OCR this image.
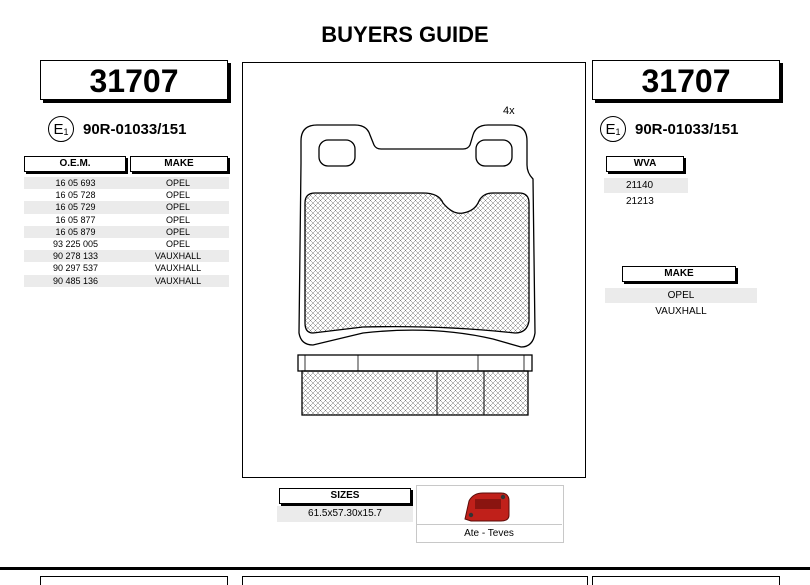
BUYERS GUIDE
31707
$E_1$ 90R-01033/151
O.E.M.	MAKE
16 05 693	OPEL
16 05 728	OPEL
16 05 729	OPEL
16 05 877	OPEL
16 05 879	OPEL
93 225 005	OPEL
90 278 133	VAUXHALL
90 297 537	VAUXHALL
90 485 136	VAUXHALL
4x
31707
$E_1$ 90R-01033/151
WVA
21140
21213
MAKE
OPEL
VAUXHALL
SIZES
61.5x57.30x15.7
Ate - Teves
